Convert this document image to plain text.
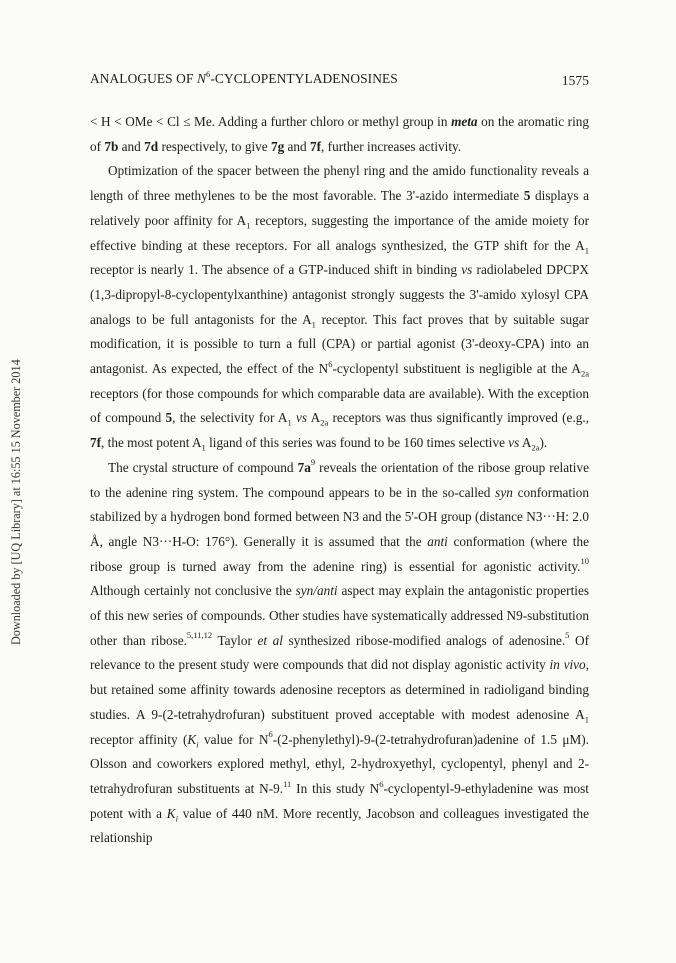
ANALOGUES OF $N^6$-CYCLOPENTYLADENOSINES	1575
Downloaded by [UQ Library] at 16:55 15 November 2014

< H < OMe < Cl ≤ Me. Adding a further chloro or methyl group in meta on the aromatic ring of 7b and 7d respectively, to give 7g and 7f, further increases activity.

Optimization of the spacer between the phenyl ring and the amido functionality reveals a length of three methylenes to be the most favorable. The 3'-azido intermediate 5 displays a relatively poor affinity for $A_1$ receptors, suggesting the importance of the amide moiety for effective binding at these receptors. For all analogs synthesized, the GTP shift for the $A_1$ receptor is nearly 1. The absence of a GTP-induced shift in binding vs radiolabeled DPCPX (1,3-dipropyl-8-cyclopentylxanthine) antagonist strongly suggests the 3'-amido xylosyl CPA analogs to be full antagonists for the $A_1$ receptor. This fact proves that by suitable sugar modification, it is possible to turn a full (CPA) or partial agonist (3'-deoxy-CPA) into an antagonist. As expected, the effect of the $N^6$-cyclopentyl substituent is negligible at the $A_{2a}$ receptors (for those compounds for which comparable data are available). With the exception of compound 5, the selectivity for $A_1$ vs $A_{2a}$ receptors was thus significantly improved (e.g., 7f, the most potent $A_1$ ligand of this series was found to be 160 times selective vs $A_{2a}$).

The crystal structure of compound $7a^9$ reveals the orientation of the ribose group relative to the adenine ring system. The compound appears to be in the so-called syn conformation stabilized by a hydrogen bond formed between N3 and the 5'-OH group (distance N3···H: 2.0 Å, angle N3···H-O: 176°). Generally it is assumed that the anti conformation (where the ribose group is turned away from the adenine ring) is essential for agonistic activity.$^{10}$ Although certainly not conclusive the syn/anti aspect may explain the antagonistic properties of this new series of compounds. Other studies have systematically addressed N9-substitution other than ribose.$^{5,11,12}$ Taylor et al synthesized ribose-modified analogs of adenosine.$^5$ Of relevance to the present study were compounds that did not display agonistic activity in vivo, but retained some affinity towards adenosine receptors as determined in radioligand binding studies. A 9-(2-tetrahydrofuran) substituent proved acceptable with modest adenosine $A_1$ receptor affinity ($K_i$ value for $N^6-(2-phenylethyl)-9-(2-tetrahydrofuran)adenine$ of 1.5 μM). Olsson and coworkers explored methyl, ethyl, 2-hydroxyethyl, cyclopentyl, phenyl and 2-tetrahydrofuran substituents at N-9.11 In this study $N^6-cyclopentyl-9$-ethyladenine was most potent with a $K_i$ value of 440 nM. More recently, Jacobson and colleagues investigated the relationship
